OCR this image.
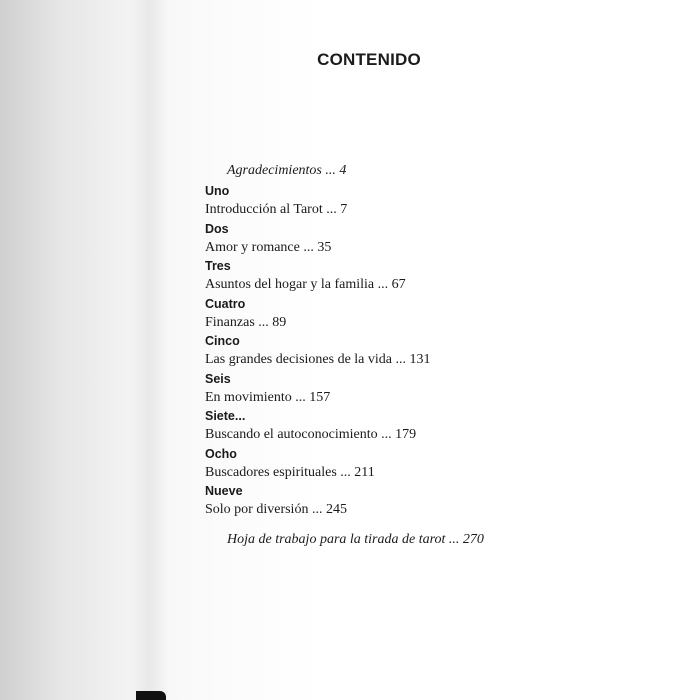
CONTENIDO
Agradecimientos ... 4
Uno
Introducción al Tarot ... 7
Dos
Amor y romance ... 35
Tres
Asuntos del hogar y la familia ... 67
Cuatro
Finanzas ... 89
Cinco
Las grandes decisiones de la vida ... 131
Seis
En movimiento ... 157
Siete...
Buscando el autoconocimiento ... 179
Ocho
Buscadores espirituales ... 211
Nueve
Solo por diversión ... 245
Hoja de trabajo para la tirada de tarot ... 270
